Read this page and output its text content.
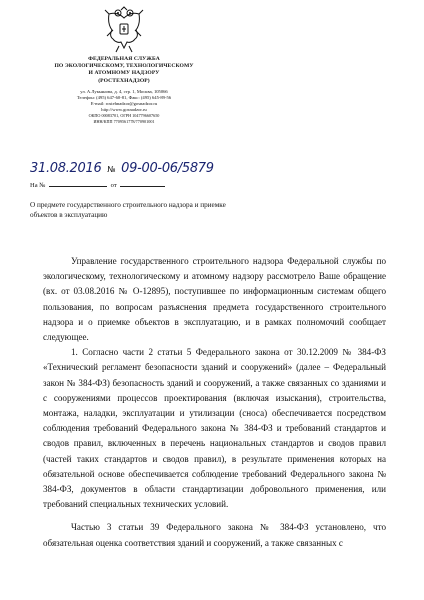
ФЕДЕРАЛЬНАЯ СЛУЖБА
ПО ЭКОЛОГИЧЕСКОМУ, ТЕХНОЛОГИЧЕСКОМУ
И АТОМНОМУ НАДЗОРУ
(РОСТЕХНАДЗОР)
ул. А.Лукьянова, д. 4, стр. 1, Москва, 105066
Телефон: (495) 647-60-81, Факс: (495) 645-89-56
E-mail: rostehnadzor@gosnadzor.ru
http://www.gosnadzor.ru
ОКПО 00083701, ОГРН 1047796607650
ИНН/КПП 7709561778/770901001
31.08.2016 № 09-00-06/5879
На №	от
О предмете государственного строительного надзора и приемке объектов в эксплуатацию

Управление государственного строительного надзора Федеральной службы по экологическому, технологическому и атомному надзору рассмотрело Ваше обращение (вх. от 03.08.2016 № О-12895), поступившее по информационным системам общего пользования, по вопросам разъяснения предмета государственного строительного надзора и о приемке объектов в эксплуатацию, и в рамках полномочий сообщает следующее.

1. Согласно части 2 статьи 5 Федерального закона от 30.12.2009 № 384-ФЗ «Технический регламент безопасности зданий и сооружений» (далее – Федеральный закон № 384-ФЗ) безопасность зданий и сооружений, а также связанных со зданиями и с сооружениями процессов проектирования (включая изыскания), строительства, монтажа, наладки, эксплуатации и утилизации (сноса) обеспечивается посредством соблюдения требований Федерального закона № 384-ФЗ и требований стандартов и сводов правил, включенных в перечень национальных стандартов и сводов правил (частей таких стандартов и сводов правил), в результате применения которых на обязательной основе обеспечивается соблюдение требований Федерального закона № 384-ФЗ, документов в области стандартизации добровольного применения, или требований специальных технических условий.

Частью 3 статьи 39 Федерального закона № 384-ФЗ установлено, что обязательная оценка соответствия зданий и сооружений, а также связанных с
